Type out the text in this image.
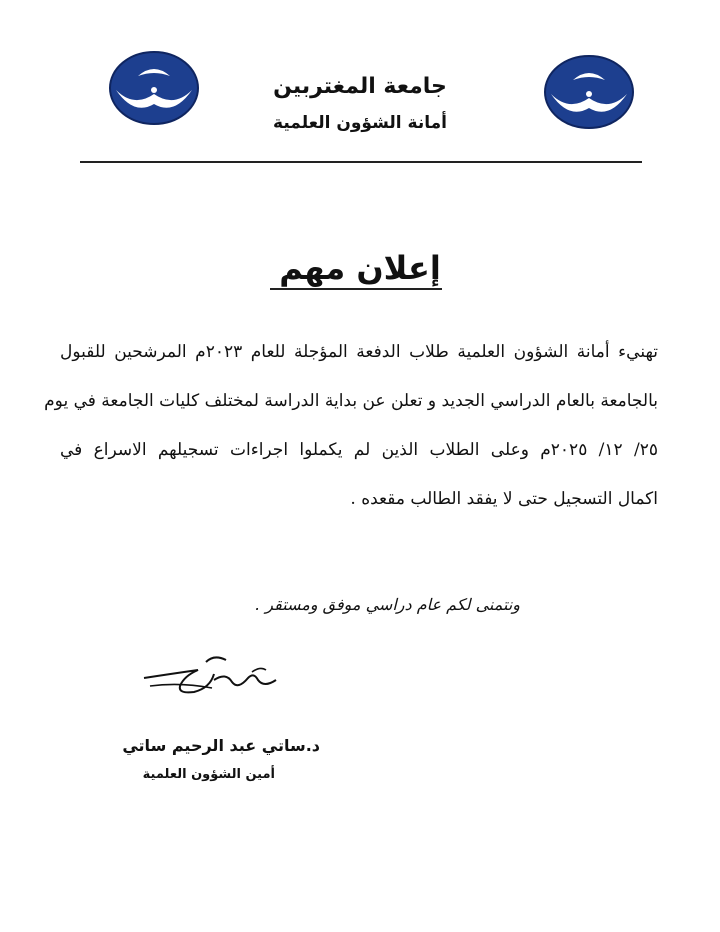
جامعة المغتربين
أمانة الشؤون العلمية
إعلان مهم
تهنيء أمانة الشؤون العلمية طلاب الدفعة المؤجلة للعام ٢٠٢٣م المرشحين للقبول
بالجامعة بالعام الدراسي الجديد و تعلن عن بداية الدراسة لمختلف كليات الجامعة في يوم
٢٥/ ١٢/ ٢٠٢٥م وعلى الطلاب الذين لم يكملوا اجراءات تسجيلهم الاسراع في
اكمال التسجيل حتى لا يفقد الطالب مقعده .
ونتمنى لكم عام دراسي موفق ومستقر .
د.ساتي عبد الرحيم ساتي
أمين الشؤون العلمية
